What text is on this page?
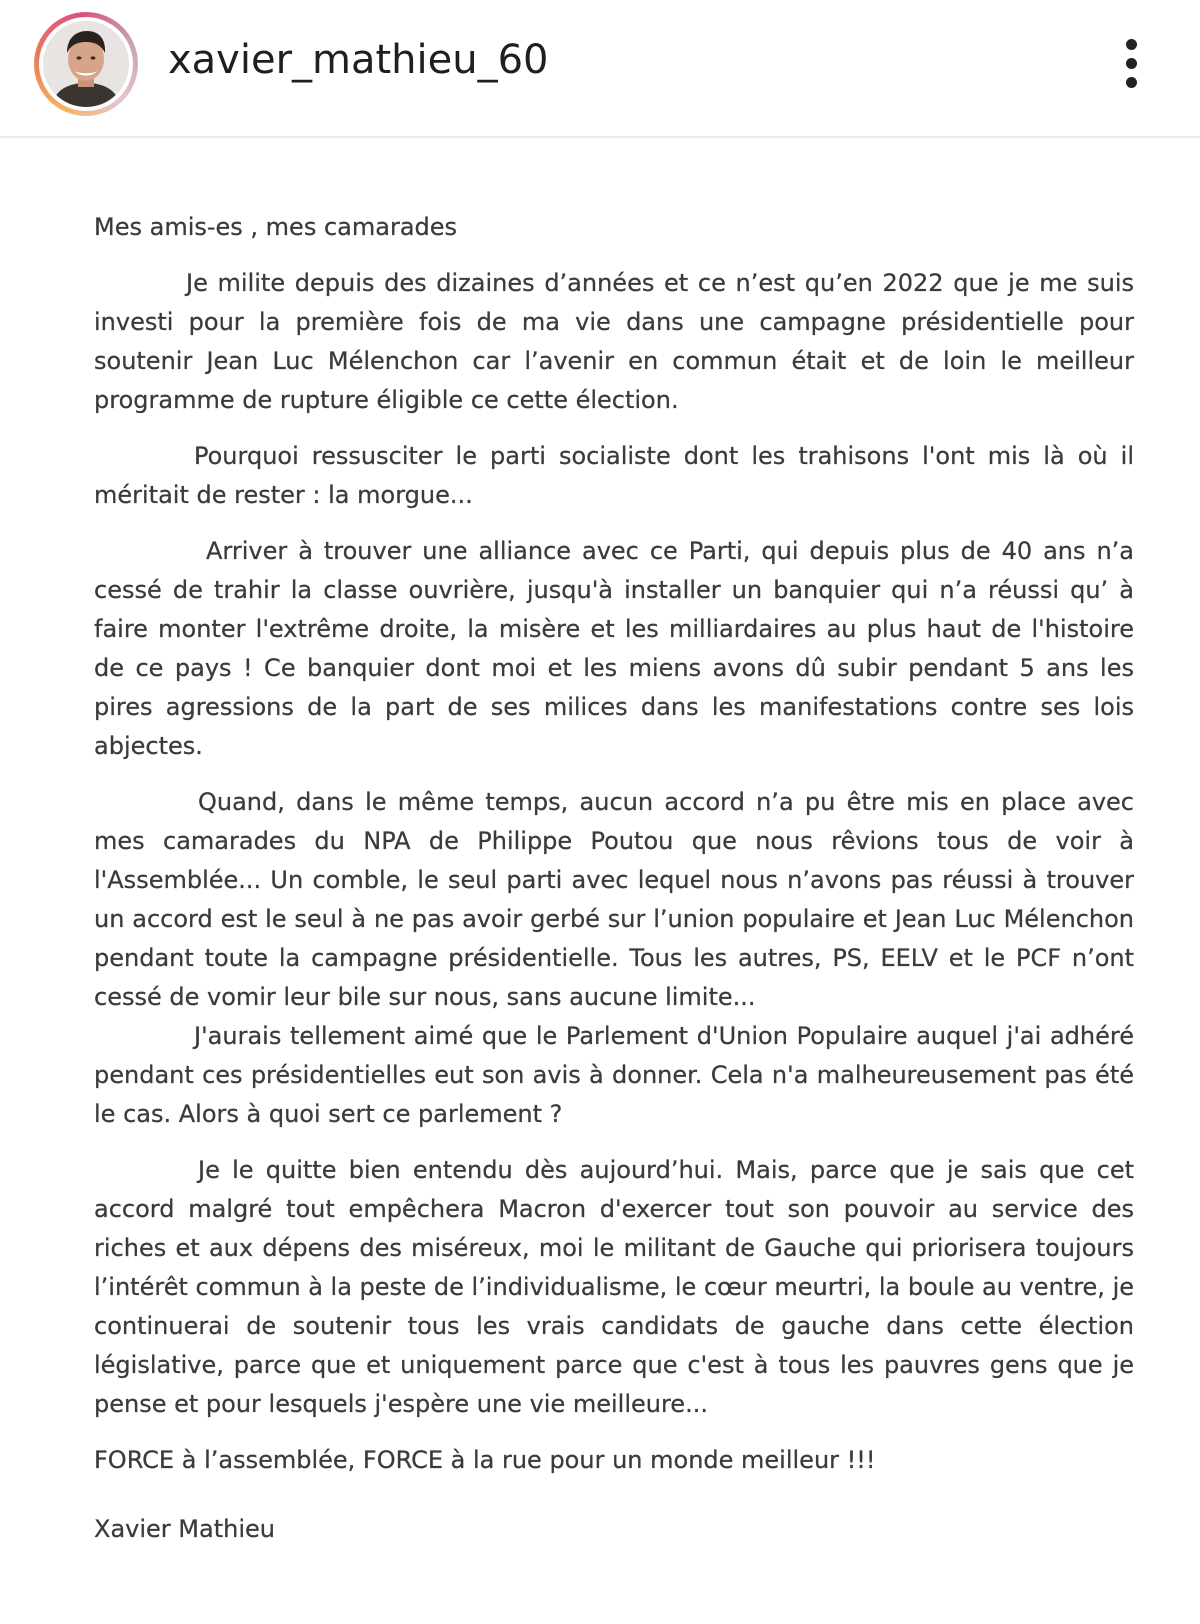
xavier_mathieu_60

Mes amis-es , mes camarades

Je milite depuis des dizaines d’années et ce n’est qu’en 2022 que je me suis investi pour la première fois de ma vie dans une campagne présidentielle pour soutenir Jean Luc Mélenchon car l’avenir en commun était et de loin le meilleur programme de rupture éligible ce cette élection.

Pourquoi ressusciter le parti socialiste dont les trahisons l'ont mis là où il méritait de rester : la morgue...

Arriver à trouver une alliance avec ce Parti, qui depuis plus de 40 ans n’a cessé de trahir la classe ouvrière, jusqu'à installer un banquier qui n’a réussi qu’ à faire monter l'extrême droite, la misère et les milliardaires au plus haut de l'histoire de ce pays ! Ce banquier dont moi et les miens avons dû subir pendant 5 ans les pires agressions de la part de ses milices dans les manifestations contre ses lois abjectes.

Quand, dans le même temps, aucun accord n’a pu être mis en place avec mes camarades du NPA de Philippe Poutou que nous rêvions tous de voir à l'Assemblée... Un comble, le seul parti avec lequel nous n’avons pas réussi à trouver un accord est le seul à ne pas avoir gerbé sur l’union populaire et Jean Luc Mélenchon pendant toute la campagne présidentielle. Tous les autres, PS, EELV et le PCF n’ont cessé de vomir leur bile sur nous, sans aucune limite...

J'aurais tellement aimé que le Parlement d'Union Populaire auquel j'ai adhéré pendant ces présidentielles eut son avis à donner. Cela n'a malheureusement pas été le cas. Alors à quoi sert ce parlement ?

Je le quitte bien entendu dès aujourd’hui. Mais, parce que je sais que cet accord malgré tout empêchera Macron d'exercer tout son pouvoir au service des riches et aux dépens des miséreux, moi le militant de Gauche qui priorisera toujours l’intérêt commun à la peste de l’individualisme, le cœur meurtri, la boule au ventre, je continuerai de soutenir tous les vrais candidats de gauche dans cette élection législative, parce que et uniquement parce que c'est à tous les pauvres gens que je pense et pour lesquels j'espère une vie meilleure...

FORCE à l’assemblée, FORCE à la rue pour un monde meilleur !!!

Xavier Mathieu
